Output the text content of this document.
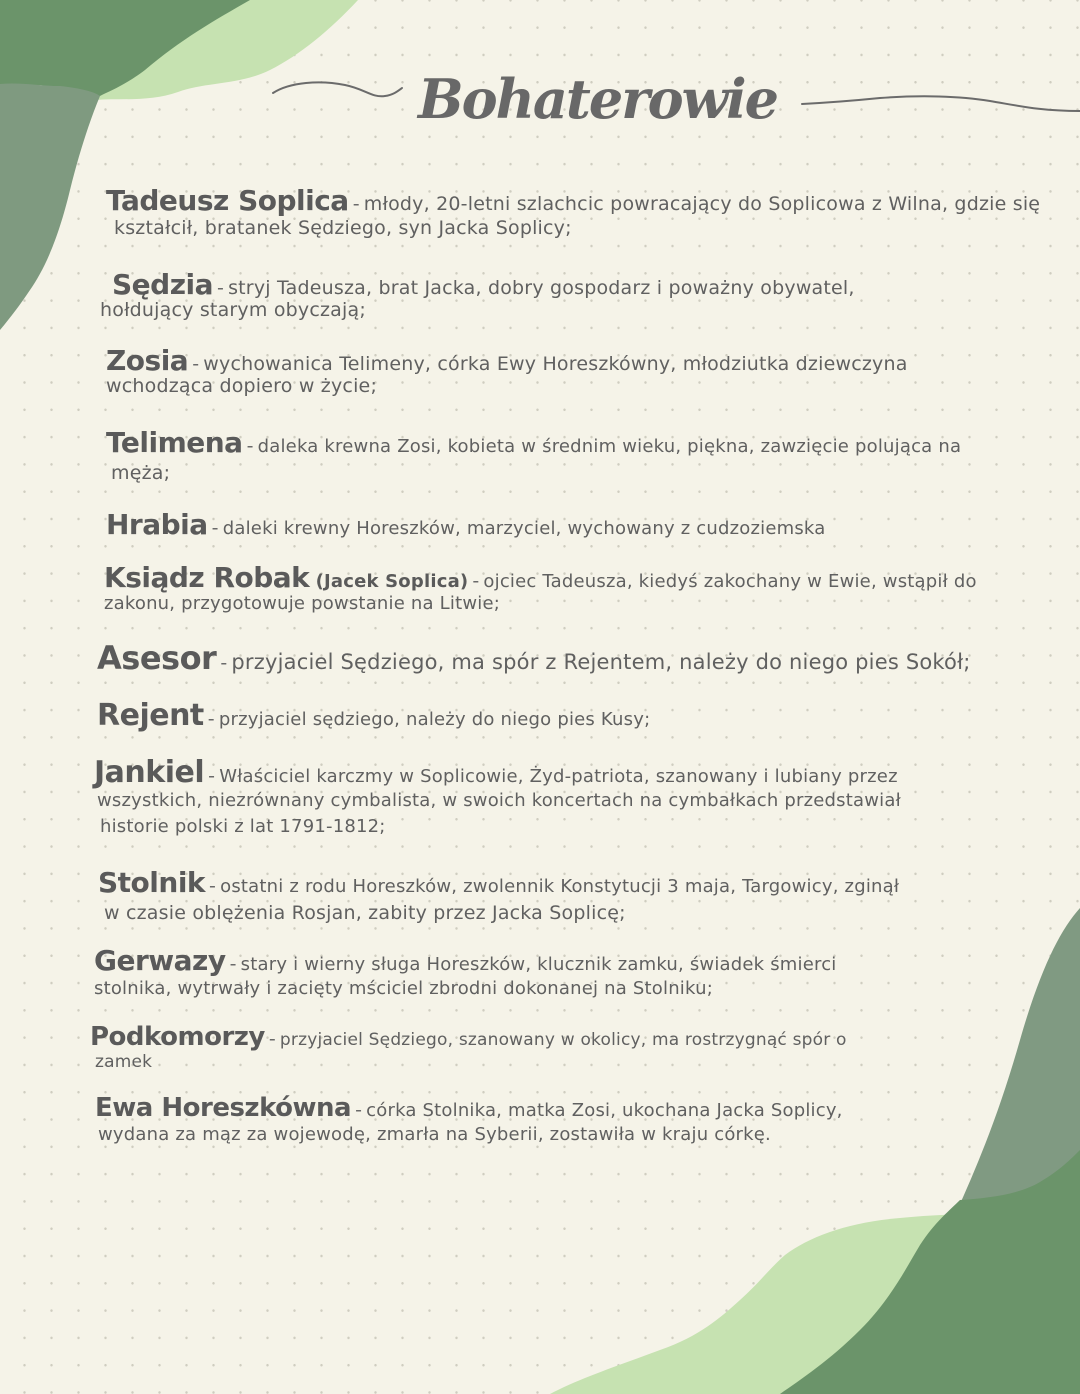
Bohaterowie
Tadeusz Soplica - młody, 20-letni szlachcic powracający do Soplicowa z Wilna, gdzie się
kształcił, bratanek Sędziego, syn Jacka Soplicy;
Sędzia - stryj Tadeusza, brat Jacka, dobry gospodarz i poważny obywatel,
hołdujący starym obyczają;
Zosia - wychowanica Telimeny, córka Ewy Horeszkówny, młodziutka dziewczyna
wchodząca dopiero w życie;
Telimena - daleka krewna Zosi, kobieta w średnim wieku, piękna, zawzięcie polująca na
męża;
Hrabia - daleki krewny Horeszków, marzyciel, wychowany z cudzoziemska
Ksiądz Robak (Jacek Soplica) - ojciec Tadeusza, kiedyś zakochany w Ewie, wstąpił do
zakonu, przygotowuje powstanie na Litwie;
Asesor - przyjaciel Sędziego, ma spór z Rejentem, należy do niego pies Sokół;
Rejent - przyjaciel sędziego, należy do niego pies Kusy;
Jankiel - Właściciel karczmy w Soplicowie, Żyd-patriota, szanowany i lubiany przez
wszystkich, niezrównany cymbalista, w swoich koncertach na cymbałkach przedstawiał
historie polski z lat 1791-1812;
Stolnik - ostatni z rodu Horeszków, zwolennik Konstytucji 3 maja, Targowicy, zginął
w czasie oblężenia Rosjan, zabity przez Jacka Soplicę;
Gerwazy - stary i wierny sługa Horeszków, klucznik zamku, świadek śmierci
stolnika, wytrwały i zacięty mściciel zbrodni dokonanej na Stolniku;
Podkomorzy - przyjaciel Sędziego, szanowany w okolicy, ma rostrzygnąć spór o
zamek
Ewa Horeszkówna - córka Stolnika, matka Zosi, ukochana Jacka Soplicy,
wydana za mąz za wojewodę, zmarła na Syberii, zostawiła w kraju córkę.
